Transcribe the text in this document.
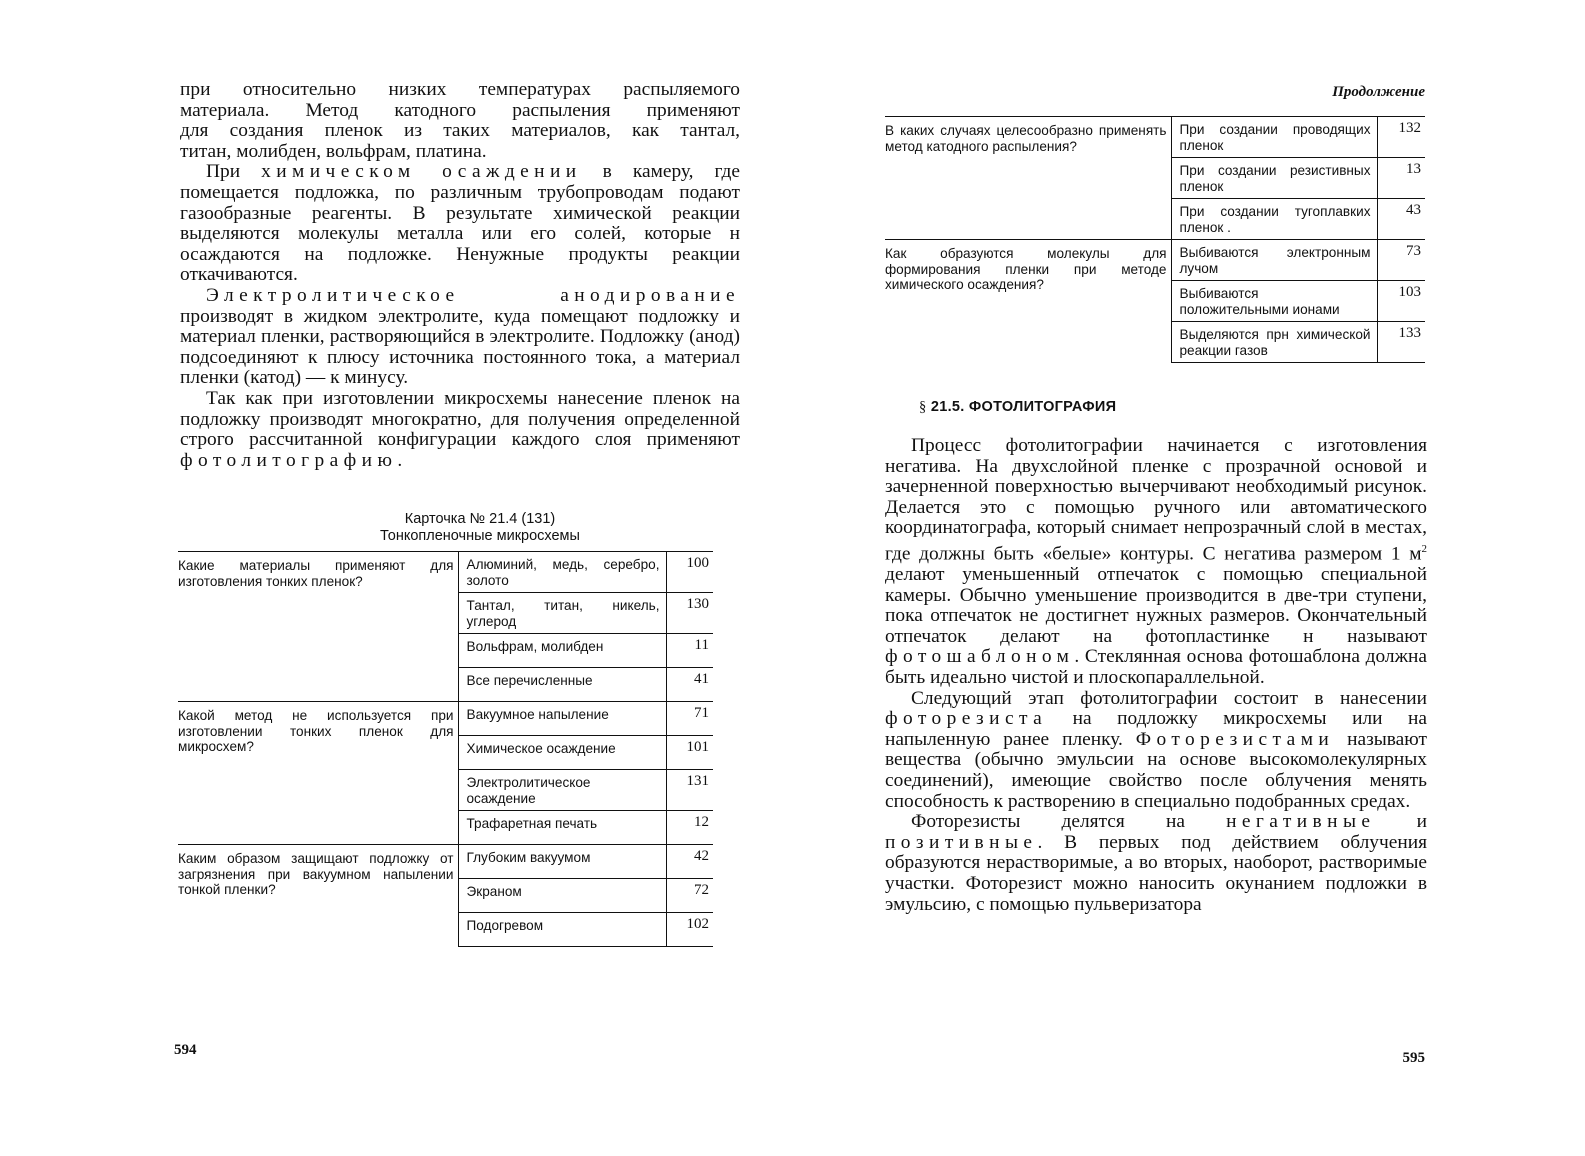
при относительно низких температурах распыляемого
материала. Метод катодного распыления применяют
для создания пленок из таких материалов, как тантал,
титан, молибден, вольфрам, платина.

При химическом осаждении в камеру, где помещается подложка, по различным трубопроводам подают газообразные реагенты. В результате химической реакции выделяются молекулы металла или его солей, которые н осаждаются на подложке. Ненужные продукты реакции откачиваются.

Электролитическое анодирование производят в жидком электролите, куда помещают подложку и материал пленки, растворяющийся в электролите. Подложку (анод) подсоединяют к плюсу источника постоянного тока, а материал пленки (катод) — к минусу.

Так как при изготовлении микросхемы нанесение пленок на подложку производят многократно, для получения определенной строго рассчитанной конфигурации каждого слоя применяют фотолитографию.

Карточка № 21.4 (131)
Тонкопленочные микросхемы
Какие материалы применяют для изготовления тонких пленок?	Алюминий, медь, серебро, золото	100
	Тантал, титан, никель, углерод	130
	Вольфрам, молибден	11
	Все перечисленные	41
Какой метод не используется при изготовлении тонких пленок для микросхем?	Вакуумное напыление	71
	Химическое осаждение	101
	Электролитическое осаждение	131
	Трафаретная печать	12
Каким образом защищают подложку от загрязнения при вакуумном напылении тонкой пленки?	Глубоким вакуумом	42
	Экраном	72
	Подогревом	102
594
Продолжение
В каких случаях целесообразно применять метод катодного распыления?	При создании проводящих пленок	132
	При создании резистивных пленок	13
	При создании тугоплавких пленок .	43
Как образуются молекулы для формирования пленки при методе химического осаждения?	Выбиваются электронным лучом	73
	Выбиваются положительными ионами	103
	Выделяются прн химической реакции газов	133
§ 21.5. ФОТОЛИТОГРАФИЯ

Процесс фотолитографии начинается с изготовления негатива. На двухслойной пленке с прозрачной основой и зачерненной поверхностью вычерчивают необходимый рисунок. Делается это с помощью ручного или автоматического координатографа, который снимает непрозрачный слой в местах, где должны быть «белые» контуры. С негатива размером 1 $м^2$ делают уменьшенный отпечаток с помощью специальной камеры. Обычно уменьшение производится в две-три ступени, пока отпечаток не достигнет нужных размеров. Окончательный отпечаток делают на фотопластинке н называют фотошаблоном. Стеклянная основа фотошаблона должна быть идеально чистой и плоскопараллельной.

Следующий этап фотолитографии состоит в нанесении фоторезиста на подложку микросхемы или на напыленную ранее пленку. Фоторезистами называют вещества (обычно эмульсии на основе высокомолекулярных соединений), имеющие свойство после облучения менять способность к растворению в специально подобранных средах.

Фоторезисты делятся на негативные и позитивные. В первых под действием облучения образуются нерастворимые, а во вторых, наоборот, растворимые участки. Фоторезист можно наносить окунанием подложки в эмульсию, с помощью пульверизатора

595
